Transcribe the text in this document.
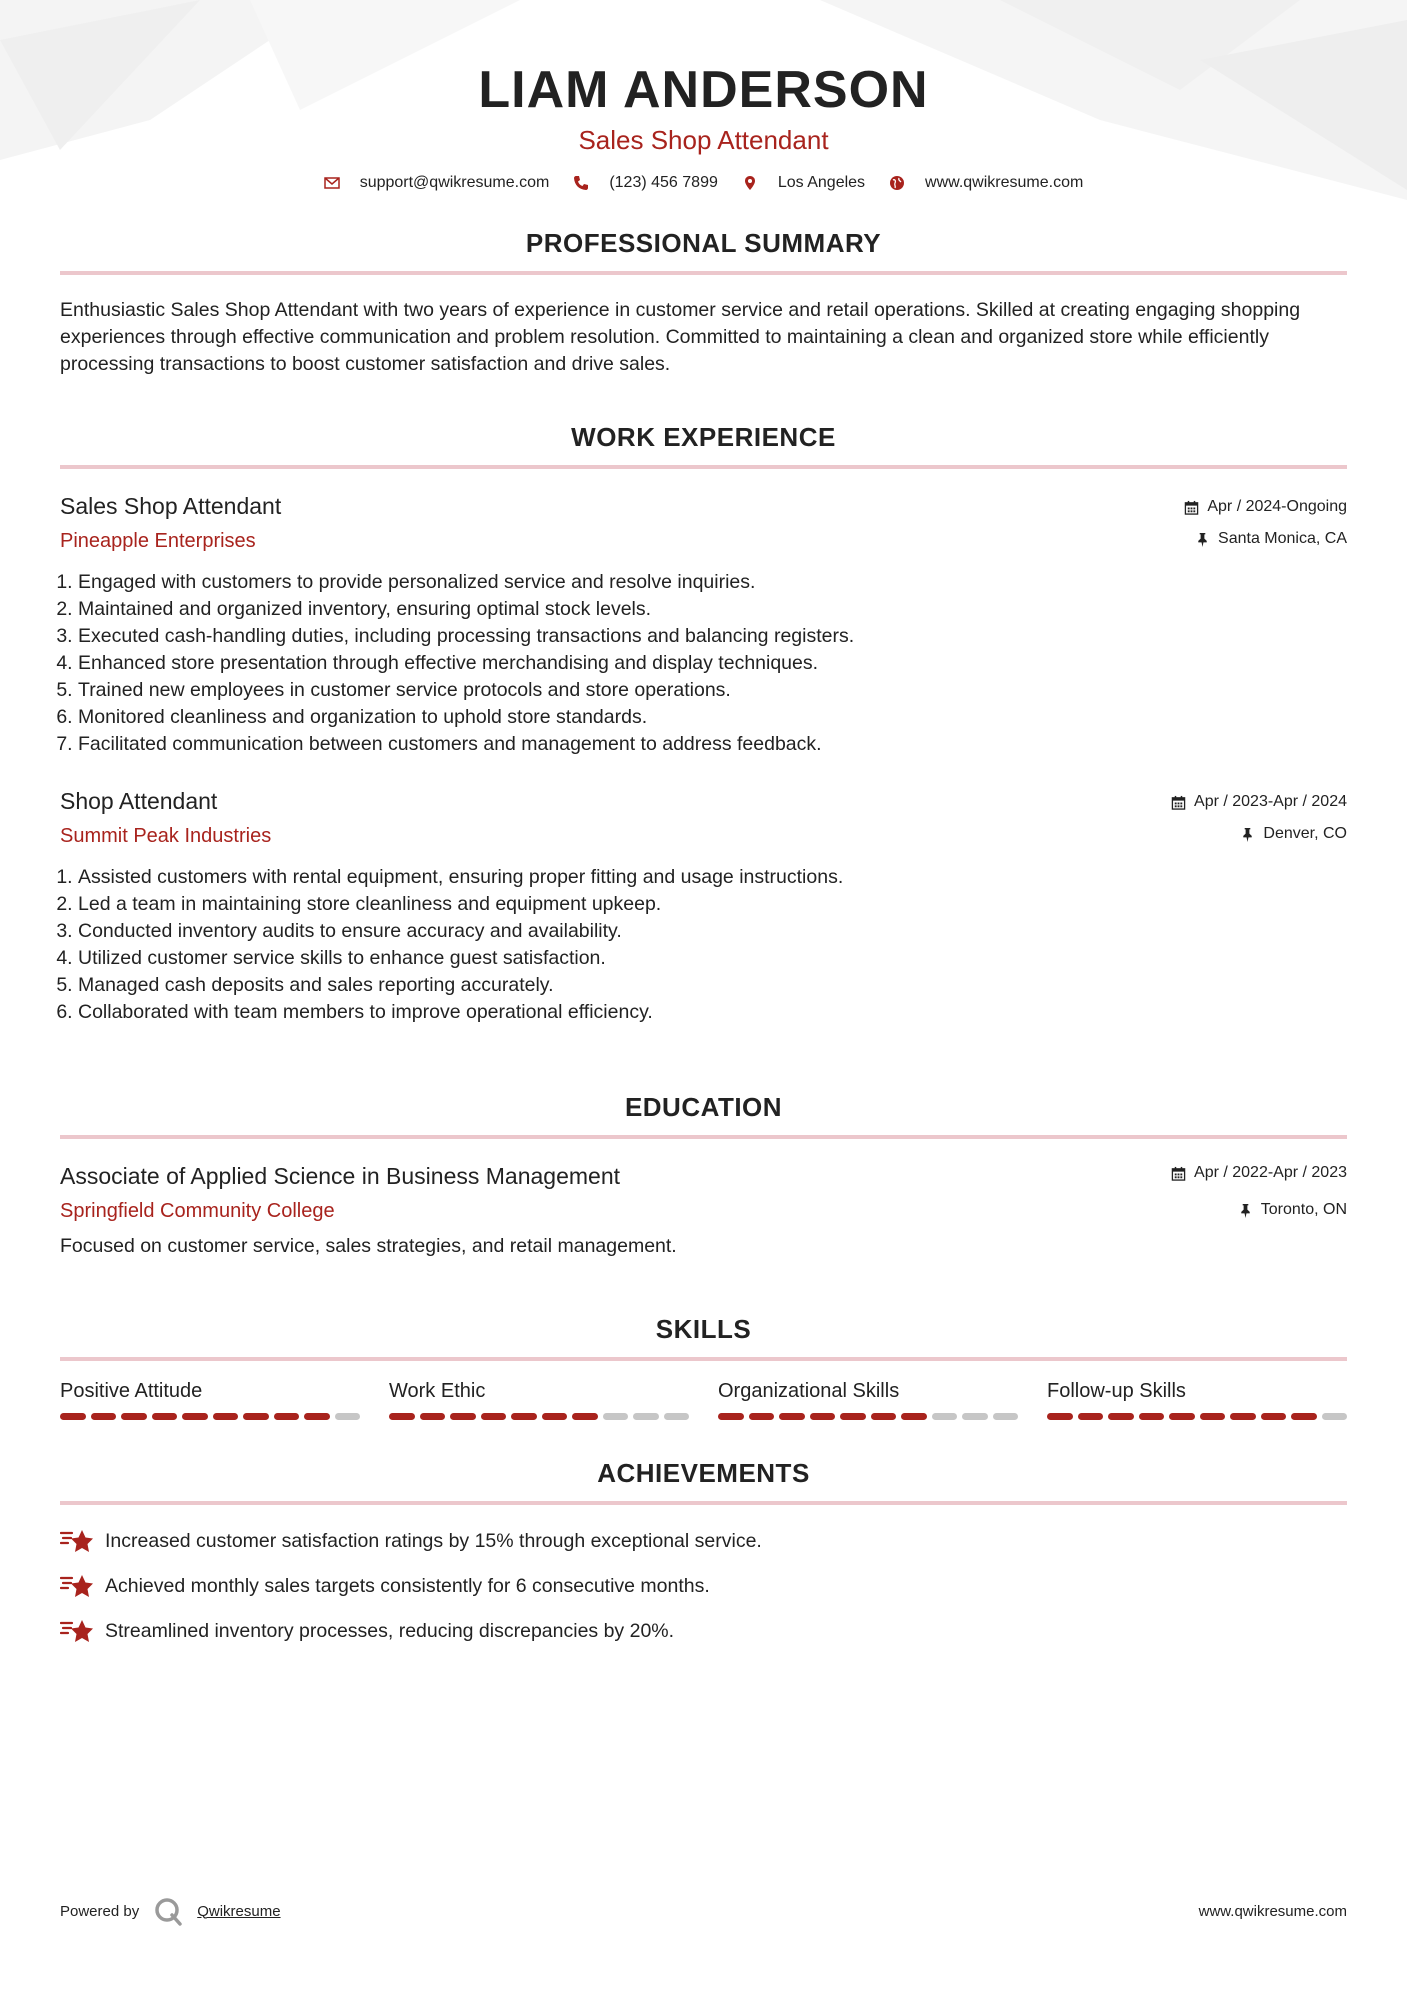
LIAM ANDERSON
Sales Shop Attendant
support@qwikresume.com	(123) 456 7899	Los Angeles	www.qwikresume.com
PROFESSIONAL SUMMARY
Enthusiastic Sales Shop Attendant with two years of experience in customer service and retail operations. Skilled at creating engaging shopping experiences through effective communication and problem resolution. Committed to maintaining a clean and organized store while efficiently processing transactions to boost customer satisfaction and drive sales.
WORK EXPERIENCE
Sales Shop Attendant
Pineapple Enterprises
Apr / 2024-Ongoing
Santa Monica, CA
1. Engaged with customers to provide personalized service and resolve inquiries.
2. Maintained and organized inventory, ensuring optimal stock levels.
3. Executed cash-handling duties, including processing transactions and balancing registers.
4. Enhanced store presentation through effective merchandising and display techniques.
5. Trained new employees in customer service protocols and store operations.
6. Monitored cleanliness and organization to uphold store standards.
7. Facilitated communication between customers and management to address feedback.
Shop Attendant
Summit Peak Industries
Apr / 2023-Apr / 2024
Denver, CO
1. Assisted customers with rental equipment, ensuring proper fitting and usage instructions.
2. Led a team in maintaining store cleanliness and equipment upkeep.
3. Conducted inventory audits to ensure accuracy and availability.
4. Utilized customer service skills to enhance guest satisfaction.
5. Managed cash deposits and sales reporting accurately.
6. Collaborated with team members to improve operational efficiency.
EDUCATION
Associate of Applied Science in Business Management
Springfield Community College
Apr / 2022-Apr / 2023
Toronto, ON
Focused on customer service, sales strategies, and retail management.
SKILLS
Positive Attitude	Work Ethic	Organizational Skills	Follow-up Skills
ACHIEVEMENTS
Increased customer satisfaction ratings by 15% through exceptional service.
Achieved monthly sales targets consistently for 6 consecutive months.
Streamlined inventory processes, reducing discrepancies by 20%.
Powered by	Qwikresume	www.qwikresume.com
